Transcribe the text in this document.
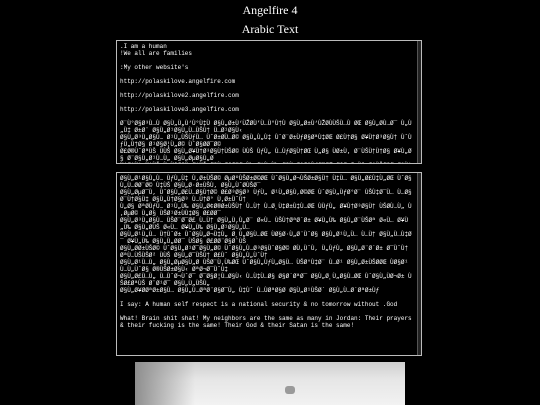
Angelfire 4
Arabic Text
.I am a human
!We all are families
:My other website's
http://polaskilove.angelfire.com
http://polaskilove2.angelfire.com
http://polaskilove3.angelfire.com
Ø¨Ù°Ø§Ø³Ù…Ù Ø§Ù„Ù„Ù‘Ù°Ù‡Ù Ø§Ù„Ø±Ù‘ÙŽØÙ’Ù…Ù°Ù†Ù Ø§Ù„Ø±Ù‘ÙŽØÙÙŠÙ…Ù ØŒ Ø§Ù„ØÙ…Ø¯ Ù„Ù„Ù‡ Ø±Ø¨ Ø§Ù„Ø¹Ø§Ù„Ù…ÙŠÙ† Ù…Ø¹Ø§Ù‹
Ø§Ù„Ø³Ù„Ø§Ù… Ø¹Ù„ÙŠÙƒÙ… ÙˆØ±ØÙ…Ø© Ø§Ù„Ù„Ù‡ ÙˆØ¨Ø±ÙƒØ§ØªÙ‡ØŒ Ø£Ù†Ø§ Ø¥Ù†Ø³Ø§Ù† ÙˆÙƒÙ„Ù†Ø§ Ø¹Ø§Ø¦Ù„Ø© ÙˆØ§ØØ¯Ø©
Ø£Ø®ÙˆØªÙŠ ÙÙŠ Ø§Ù„Ø¥Ù†Ø³Ø§Ù†ÙŠØ© ÙÙŠ ÙƒÙ„ Ù…ÙƒØ§Ù†ØŒ Ù„Ø§ ÙØ±Ù‚ Ø¨ÙŠÙ†Ù†Ø§ Ø¥Ù„Ø§ Ø¨Ø§Ù„Ø¹Ù…Ù„ Ø§Ù„ØµØ§Ù„Ø
Ø§Ù„Ø¹Ø§Ù„Ù… ÙƒÙ„Ù‡ Ù‚Ø±ÙŠØ© ØµØºÙŠØ±Ø©ØŒ ÙˆØ§Ù„Ø¬ÙŠØ±Ø§Ù† Ù‡Ù… Ø§Ù„Ø£Ù‡Ù„ØŒ ÙˆØ§Ù„Ù…ØØ¨Ø© Ù‡ÙŠ Ø§Ù„Ø·Ø±ÙŠÙ‚ Ø§Ù„ÙˆØÙŠØ¯
Ø§Ù„ØµØ¯Ù‚ ÙˆØ§Ù„Ø£Ù…Ø§Ù†Ø© Ø£Ø³Ø§Ø³ ÙƒÙ„ Ø¹Ù„Ø§Ù‚Ø©ØŒ ÙˆØ§Ù„ÙƒØ°Ø¨ ÙŠÙ‡Ø¯Ù… Ù…Ø§ Ø¨Ù†Ø§Ù‡ Ø§Ù„Ù†Ø§Ø³ Ù…Ù†Ø° Ù‚Ø±ÙˆÙ†
Ù„Ø§ ØªØÙƒÙ… Ø¹Ù„Ù‰ Ø§Ù„Ø¢Ø®Ø±ÙŠÙ† Ù…Ù† Ù…Ø¸Ù‡Ø±Ù‡Ù…ØŒ ÙÙƒÙ„ Ø¥Ù†Ø³Ø§Ù† ÙŠØÙ…Ù„ Ù‚ØµØ© Ù„Ø§ ÙŠØ¹Ø±ÙÙ‡Ø§ Ø£ØØ¯
Ø§Ù„Ø³Ù„Ø§Ù… ÙŠØ¨Ø¯Ø£ Ù…Ù† Ø§Ù„Ù‚Ù„Ø¨ Ø«Ù… ÙŠÙ†ØªØ´Ø± Ø¥Ù„Ù‰ Ø§Ù„Ø¨ÙŠØª Ø«Ù… Ø¥Ù„Ù‰ Ø§Ù„ØÙŠ Ø«Ù… Ø¥Ù„Ù‰ Ø§Ù„Ø¹Ø§Ù„Ù…
Ø§Ù„Ø¹Ù„Ù… Ù†ÙˆØ± ÙˆØ§Ù„Ø¬Ù‡Ù„ Ø¸Ù„Ø§Ù…ØŒ ÙØ§Ø·Ù„Ø¨ÙˆØ§ Ø§Ù„Ø¹Ù„Ù… Ù…Ù† Ø§Ù„Ù…Ù‡Ø¯ Ø¥Ù„Ù‰ Ø§Ù„Ù„ØØ¯ ÙŠØ§ Ø£ØØ¨Ø§Ø¨ÙŠ
Ø§Ù„ØØ±ÙŠØ© ÙˆØ§Ù„Ø¹Ø¯Ø§Ù„Ø© ÙˆØ§Ù„Ù…Ø³Ø§ÙˆØ§Ø© ØÙ‚ÙˆÙ‚ Ù„ÙƒÙ„ Ø§Ù„Ø¨Ø´Ø± Ø¯ÙˆÙ† ØªÙ…ÙŠÙŠØ² ÙÙŠ Ø§Ù„Ø¯ÙŠÙ† Ø£Ùˆ Ø§Ù„Ù„ÙˆÙ†
Ø§Ù„Ø¹Ù…Ù„ Ø§Ù„ØµØ§Ù„Ø ÙŠØ¨Ù‚Ù‰ØŒ ÙˆØ§Ù„ÙƒÙ„Ø§Ù… ÙŠØ°Ù‡Ø¨ Ù…Ø¹ Ø§Ù„Ø±ÙŠØØŒ ÙØ§Ø¹Ù…Ù„ÙˆØ§ Ø®ÙŠØ±Ø§Ù‹ ØªØ¬Ø¯ÙˆÙ‡
Ø§Ù„Ø£Ù…Ù„ Ù…ÙˆØ¬ÙˆØ¯ Ø¯Ø§Ø¦Ù…Ø§Ù‹ Ù…Ù‡Ù…Ø§ Ø§Ø´ØªØ¯ Ø§Ù„Ø¸Ù„Ø§Ù…ØŒ ÙˆØ§Ù„ÙØ¬Ø± ÙŠØ£ØªÙŠ Ø¨Ø¹Ø¯ Ø§Ù„Ù„ÙŠÙ„
Ø§Ù„Ø¥ØØªØ±Ø§Ù… Ø§Ù„Ù…ØªØ¨Ø§Ø¯Ù„ Ù‡Ùˆ Ù…ÙØªØ§Ø Ø§Ù„Ø¹ÙŠØ´ Ø§Ù„Ù…Ø´ØªØ±Ùƒ
I say: A human self respect is a national security & no tomorrow without .God
What! Brain shit shat! My neighbors are the same as many in Jordan: Their prayers & their fucking is the same! Their God & their Satan is the same!
